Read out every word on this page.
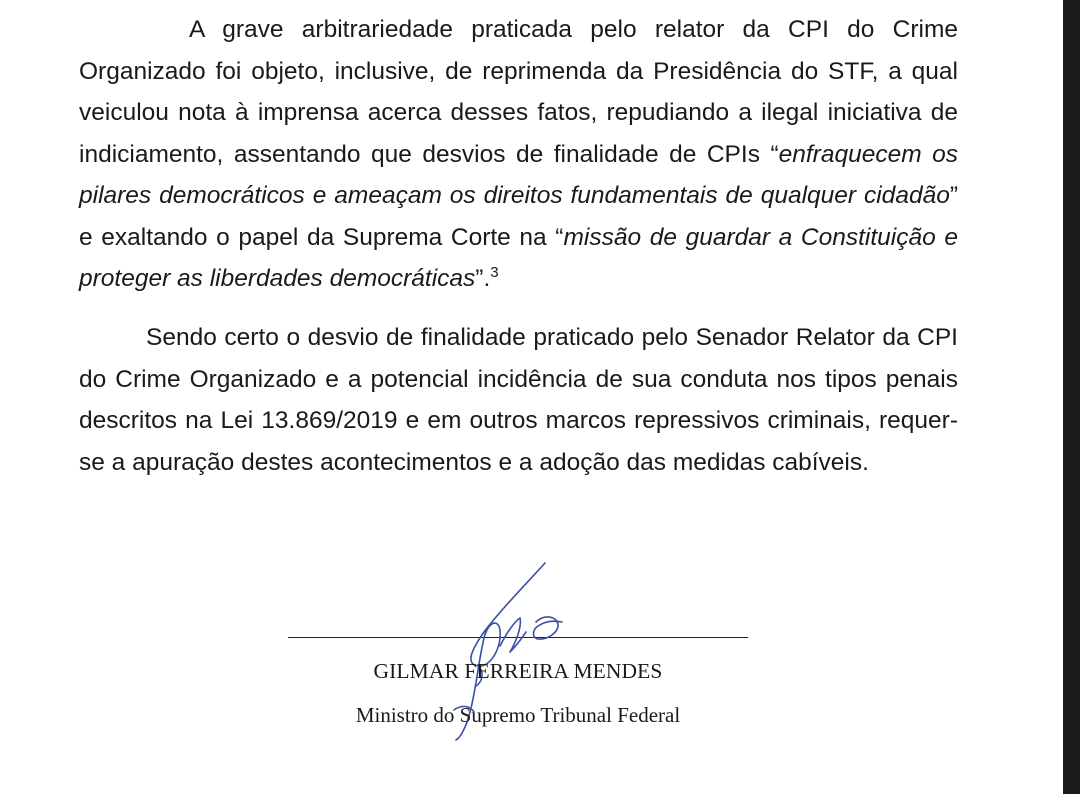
A grave arbitrariedade praticada pelo relator da CPI do Crime Organizado foi objeto, inclusive, de reprimenda da Presidência do STF, a qual veiculou nota à imprensa acerca desses fatos, repudiando a ilegal iniciativa de indiciamento, assentando que desvios de finalidade de CPIs “enfraquecem os pilares democráticos e ameaçam os direitos fundamentais de qualquer cidadão” e exaltando o papel da Suprema Corte na “missão de guardar a Constituição e proteger as liberdades democráticas”.$^3$

Sendo certo o desvio de finalidade praticado pelo Senador Relator da CPI do Crime Organizado e a potencial incidência de sua conduta nos tipos penais descritos na Lei 13.869/2019 e em outros marcos repressivos criminais, requer-se a apuração destes acontecimentos e a adoção das medidas cabíveis.

GILMAR FERREIRA MENDES
Ministro do Supremo Tribunal Federal
